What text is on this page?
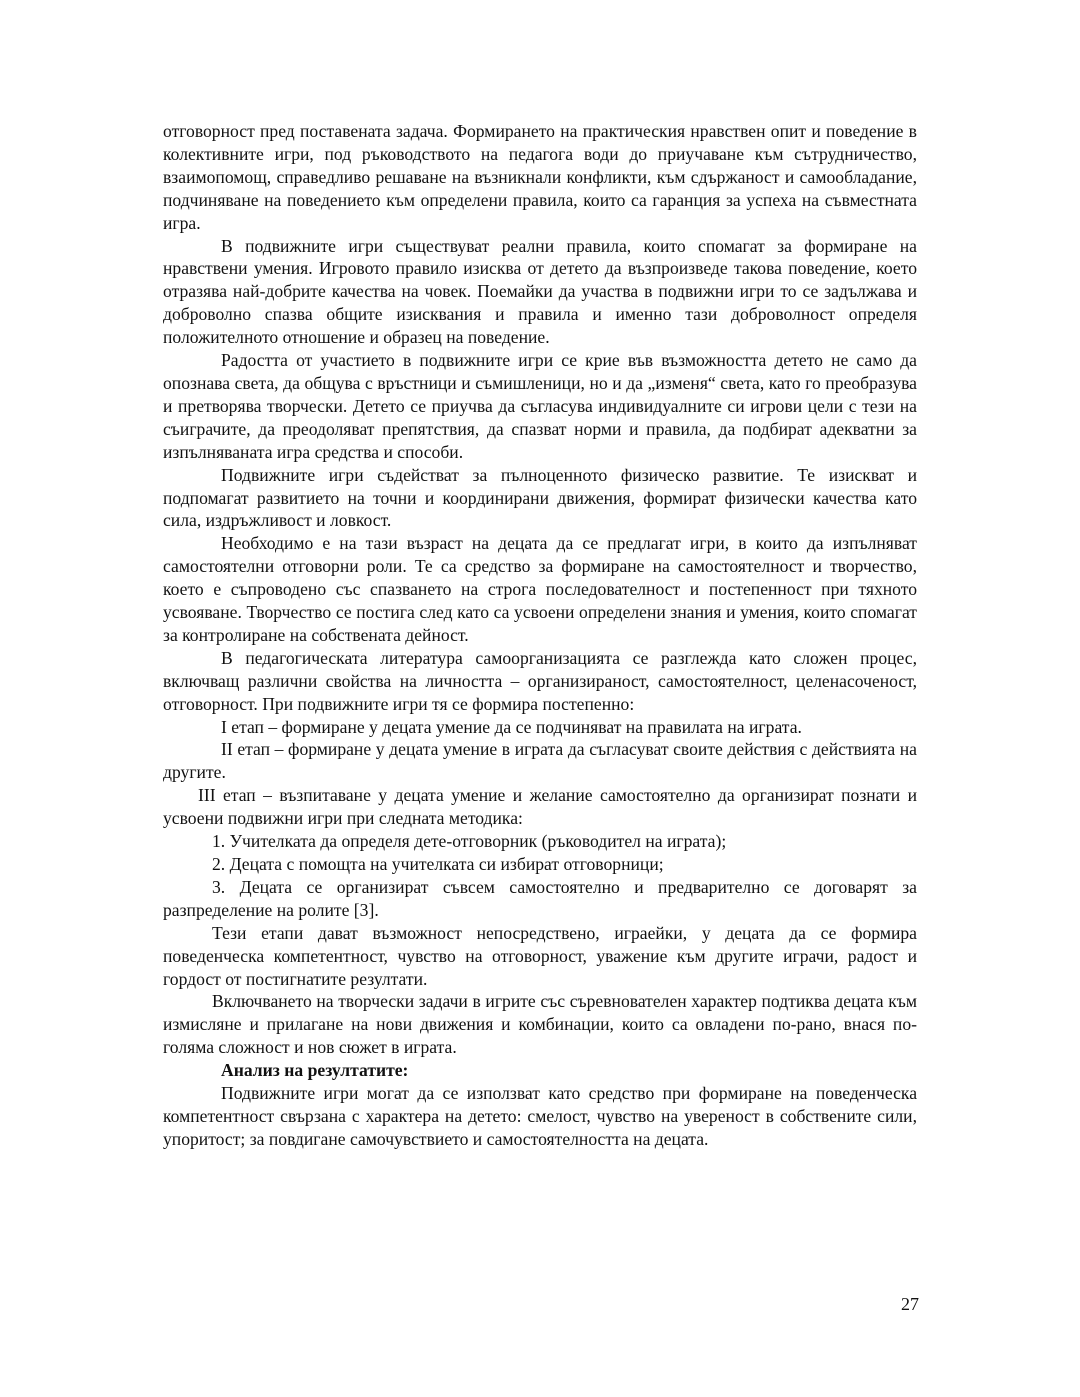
отговорност пред поставената задача. Формирането на практическия нравствен опит и поведение в колективните игри, под ръководството на педагога води до приучаване към сътрудничество, взаимопомощ, справедливо решаване на възникнали конфликти, към сдържаност и самообладание, подчиняване на поведението към определени правила, които са гаранция за успеха на съвместната игра.

В подвижните игри съществуват реални правила, които спомагат за формиране на нравствени умения. Игровото правило изисква от детето да възпроизведе такова поведение, което отразява най-добрите качества на човек. Поемайки да участва в подвижни игри то се задължава и доброволно спазва общите изисквания и правила и именно тази доброволност определя положителното отношение и образец на поведение.

Радостта от участието в подвижните игри се крие във възможността детето не само да опознава света, да общува с връстници и съмишленици, но и да „изменя“ света, като го преобразува и претворява творчески. Детето се приучва да съгласува индивидуалните си игрови цели с тези на съиграчите, да преодоляват препятствия, да спазват норми и правила, да подбират адекватни за изпълняваната игра средства и способи.

Подвижните игри съдействат за пълноценното физическо развитие. Те изискват и подпомагат развитието на точни и координирани движения, формират физически качества като сила, издръжливост и ловкост.

Необходимо е на тази възраст на децата да се предлагат игри, в които да изпълняват самостоятелни отговорни роли. Те са средство за формиране на самостоятелност и творчество, което е съпроводено със спазването на строга последователност и постепенност при тяхното усвояване. Творчество се постига след като са усвоени определени знания и умения, които спомагат за контролиране на собствената дейност.

В педагогическата литература самоорганизацията се разглежда като сложен процес, включващ различни свойства на личността – организираност, самостоятелност, целенасоченост, отговорност. При подвижните игри тя се формира постепенно:

I етап – формиране у децата умение да се подчиняват на правилата на играта.

II етап – формиране у децата умение в играта да съгласуват своите действия с действията на другите.

III етап – възпитаване у децата умение и желание самостоятелно да организират познати и усвоени подвижни игри при следната методика:

1. Учителката да определя дете-отговорник (ръководител на играта);

2. Децата с помощта на учителката си избират отговорници;

3. Децата се организират съвсем самостоятелно и предварително се договарят за разпределение на ролите [3].

Тези етапи дават възможност непосредствено, играейки, у децата да се формира поведенческа компетентност, чувство на отговорност, уважение към другите играчи, радост и гордост от постигнатите резултати.

Включването на творчески задачи в игрите със съревнователен характер подтиква децата към измисляне и прилагане на нови движения и комбинации, които са овладени по-рано, внася по-голяма сложност и нов сюжет в играта.

Анализ на резултатите:

Подвижните игри могат да се използват като средство при формиране на поведенческа компетентност свързана с характера на детето: смелост, чувство на увереност в собствените сили, упоритост; за повдигане самочувствието и самостоятелността на децата.

27
